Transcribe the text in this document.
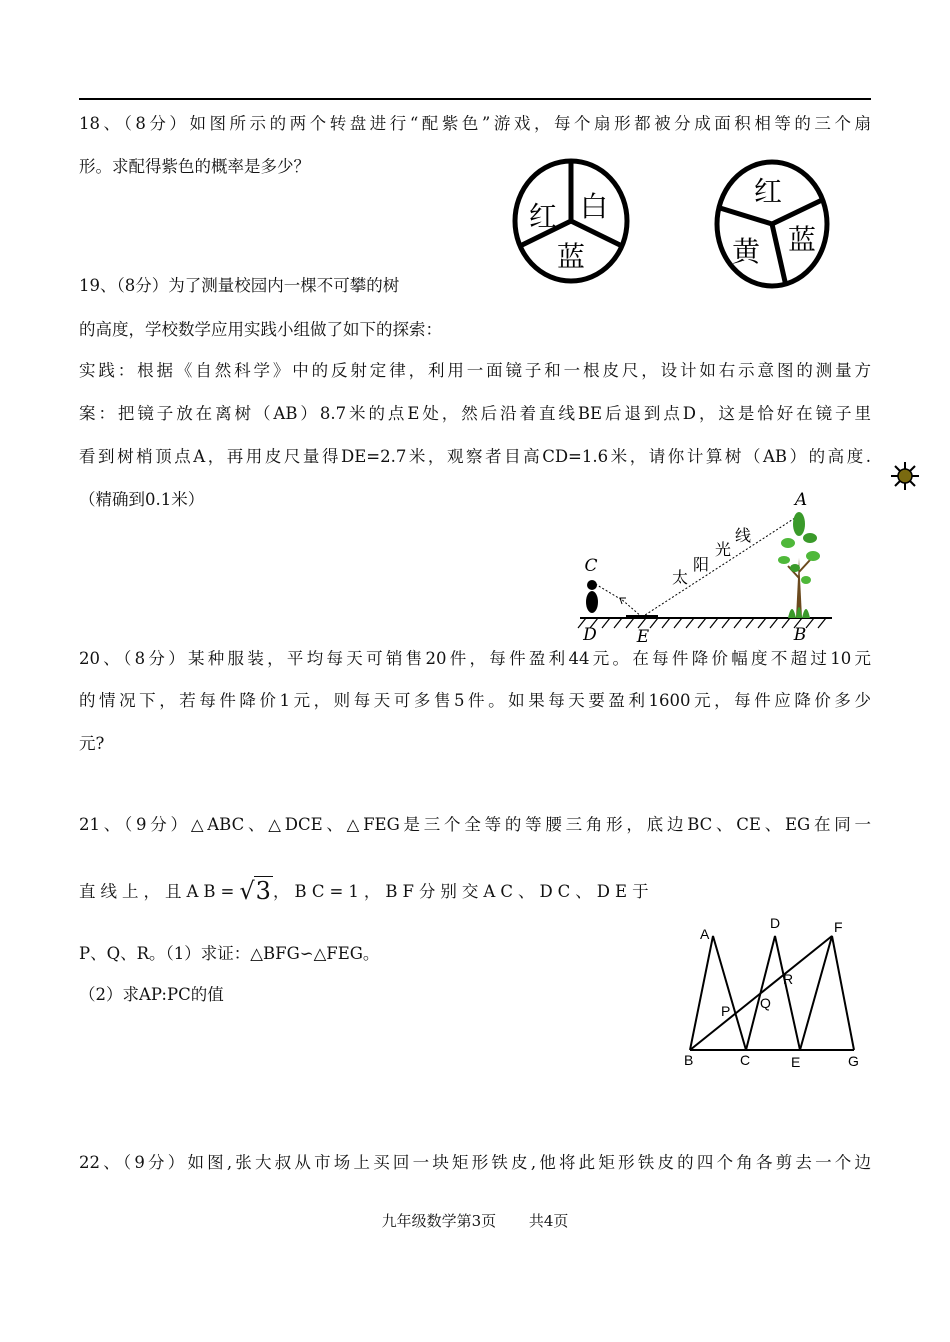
18、（8分）如图所示的两个转盘进行“配紫色”游戏，每个扇形都被分成面积相等的三个扇
形。求配得紫色的概率是多少？
白
红
蓝
红
蓝
黄
19、（8分）为了测量校园内一棵不可攀的树
的高度，学校数学应用实践小组做了如下的探索：
实践：根据《自然科学》中的反射定律，利用一面镜子和一根皮尺，设计如右示意图的测量方
案：把镜子放在离树（AB）8.7米的点E处，然后沿着直线BE后退到点D，这是恰好在镜子里
看到树梢顶点A，再用皮尺量得DE=2.7米，观察者目高CD=1.6米，请你计算树（AB）的高度.
（精确到0.1米）	A
B
C
D E
太
阳
光
线
20、（8分）某种服装，平均每天可销售20件，每件盈利44元。在每件降价幅度不超过10元
的情况下，若每件降价1元，则每天可多售5件。如果每天要盈利1600元，每件应降价多少
元?
21、（9分）△ABC、△DCE、△FEG是三个全等的等腰三角形，底边BC、CE、EG在同一
直线上，且AB=√3 ，BC=1，BF分别交AC、DC、DE于
P、Q、R。（1）求证：△BFG∽△FEG。
（2）求AP:PC的值
A
B	C
D
E
F
G
P Q
R
22、（9分）如图,张大叔从市场上买回一块矩形铁皮,他将此矩形铁皮的四个角各剪去一个边
九年级数学第3页 共4页
